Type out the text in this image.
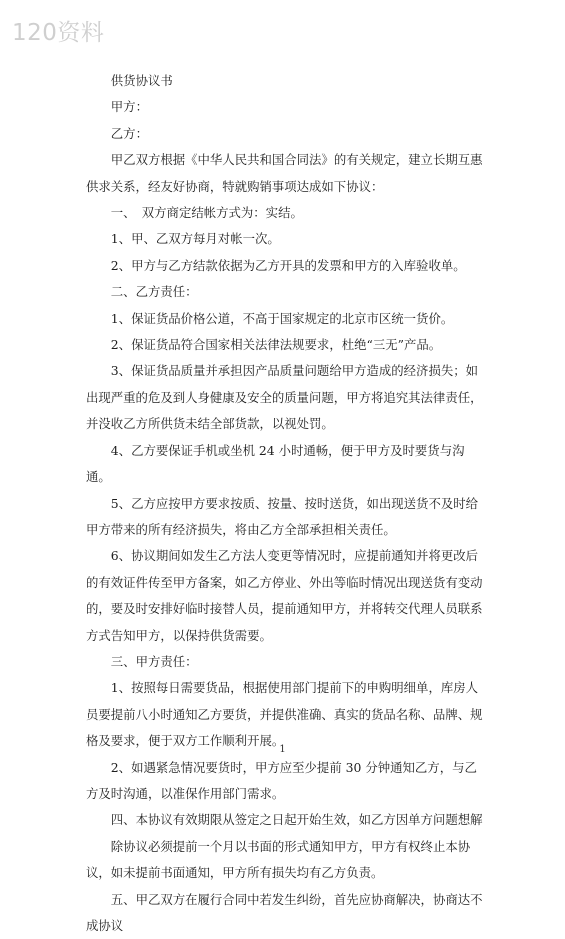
120资料

供货协议书

甲方：

乙方：

甲乙双方根据《中华人民共和国合同法》的有关规定，建立长期互惠供求关系，经友好协商，特就购销事项达成如下协议：

一、　双方商定结帐方式为：实结。

1、甲、乙双方每月对帐一次。

2、甲方与乙方结款依据为乙方开具的发票和甲方的入库验收单。

二、乙方责任：

1、保证货品价格公道，不高于国家规定的北京市区统一货价。

2、保证货品符合国家相关法律法规要求，杜绝“三无”产品。

3、保证货品质量并承担因产品质量问题给甲方造成的经济损失；如出现严重的危及到人身健康及安全的质量问题，甲方将追究其法律责任，并没收乙方所供货未结全部货款，以视处罚。

4、乙方要保证手机或坐机 24 小时通畅，便于甲方及时要货与沟通。

5、乙方应按甲方要求按质、按量、按时送货，如出现送货不及时给甲方带来的所有经济损失，将由乙方全部承担相关责任。

6、协议期间如发生乙方法人变更等情况时，应提前通知并将更改后的有效证件传至甲方备案，如乙方停业、外出等临时情况出现送货有变动的，要及时安排好临时接替人员，提前通知甲方，并将转交代理人员联系方式告知甲方，以保持供货需要。

三、甲方责任：

1、按照每日需要货品，根据使用部门提前下的申购明细单，库房人员要提前八小时通知乙方要货，并提供准确、真实的货品名称、品牌、规格及要求，便于双方工作顺利开展。

2、如遇紧急情况要货时，甲方应至少提前 30 分钟通知乙方，与乙方及时沟通，以准保作用部门需求。

四、本协议有效期限从签定之日起开始生效，如乙方因单方问题想解

除协议必须提前一个月以书面的形式通知甲方，甲方有权终止本协议，如未提前书面通知，甲方所有损失均有乙方负责。

五、甲乙双方在履行合同中若发生纠纷，首先应协商解决，协商达不成协议

1
